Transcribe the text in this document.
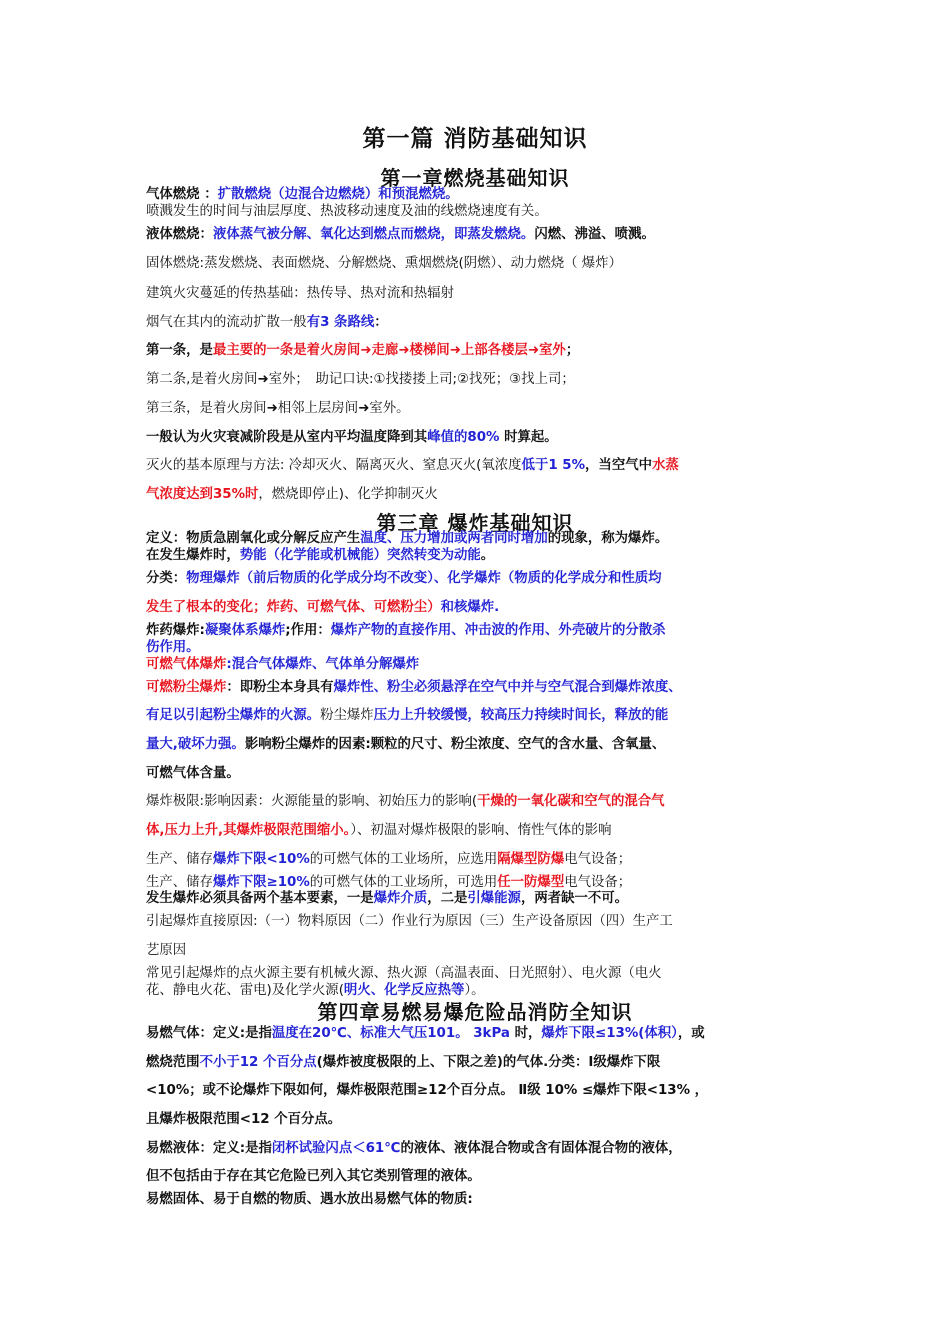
第一篇 消防基础知识
第一章燃烧基础知识
气体燃烧 ：扩散燃烧（边混合边燃烧）和预混燃烧。
喷溅发生的时间与油层厚度、热波移动速度及油的线燃烧速度有关。
液体燃烧：液体蒸气被分解、氧化达到燃点而燃烧，即蒸发燃烧。闪燃、沸溢、喷溅。
固体燃烧:蒸发燃烧、表面燃烧、分解燃烧、熏烟燃烧(阴燃）、动力燃烧（ 爆炸）
建筑火灾蔓延的传热基础：热传导、热对流和热辐射
烟气在其内的流动扩散一般有3 条路线：
第一条，是最主要的一条是着火房间➜走廊➜楼梯间➜上部各楼层➜室外；
第二条,是着火房间➜室外；　助记口诀:①找搂搂上司;②找死；③找上司；
第三条，是着火房间➜相邻上层房间➜室外。
一般认为火灾衰减阶段是从室内平均温度降到其峰值的80% 时算起。
灭火的基本原理与方法: 冷却灭火、隔离灭火、窒息灭火(氧浓度低于1 5%，当空气中水蒸
气浓度达到35%时，燃烧即停止)、化学抑制灭火
第三章 爆炸基础知识
定义：物质急剧氧化或分解反应产生温度、压力增加或两者同时增加的现象，称为爆炸。
在发生爆炸时，势能（化学能或机械能）突然转变为动能。
分类：物理爆炸（前后物质的化学成分均不改变）、化学爆炸（物质的化学成分和性质均
发生了根本的变化；炸药、可燃气体、可燃粉尘）和核爆炸.
炸药爆炸:凝聚体系爆炸;作用：爆炸产物的直接作用、冲击波的作用、外壳破片的分散杀
伤作用。
可燃气体爆炸:混合气体爆炸、气体单分解爆炸
可燃粉尘爆炸：即粉尘本身具有爆炸性、粉尘必须悬浮在空气中并与空气混合到爆炸浓度、
有足以引起粉尘爆炸的火源。粉尘爆炸压力上升较缓慢，较高压力持续时间长，释放的能
量大,破坏力强。影响粉尘爆炸的因素:颗粒的尺寸、粉尘浓度、空气的含水量、含氧量、
可燃气体含量。
爆炸极限:影响因素：火源能量的影响、初始压力的影响(干燥的一氧化碳和空气的混合气
体,压力上升,其爆炸极限范围缩小。）、初温对爆炸极限的影响、惰性气体的影响
生产、储存爆炸下限<10%的可燃气体的工业场所，应选用隔爆型防爆电气设备；
生产、储存爆炸下限≥10%的可燃气体的工业场所，可选用任一防爆型电气设备；
发生爆炸必须具备两个基本要素，一是爆炸介质，二是引爆能源，两者缺一不可。
引起爆炸直接原因:（一）物料原因（二）作业行为原因（三）生产设备原因（四）生产工
艺原因
常见引起爆炸的点火源主要有机械火源、热火源（高温表面、日光照射）、电火源（电火
花、静电火花、雷电)及化学火源(明火、化学反应热等）。
第四章易燃易爆危险品消防全知识
易燃气体：定义:是指温度在20℃、标准大气压101。 3kPa 时，爆炸下限≤13%(体积），或
燃烧范围不小于12 个百分点(爆炸被度极限的上、下限之差)的气体.分类：Ⅰ级爆炸下限
<10%；或不论爆炸下限如何，爆炸极限范围≥12个百分点。 Ⅱ级 10% ≤爆炸下限<13% ，
且爆炸极限范围<12 个百分点。
易燃液体：定义:是指闭杯试验闪点＜61℃的液体、液体混合物或含有固体混合物的液体，
但不包括由于存在其它危险已列入其它类别管理的液体。
易燃固体、易于自燃的物质、遇水放出易燃气体的物质:
